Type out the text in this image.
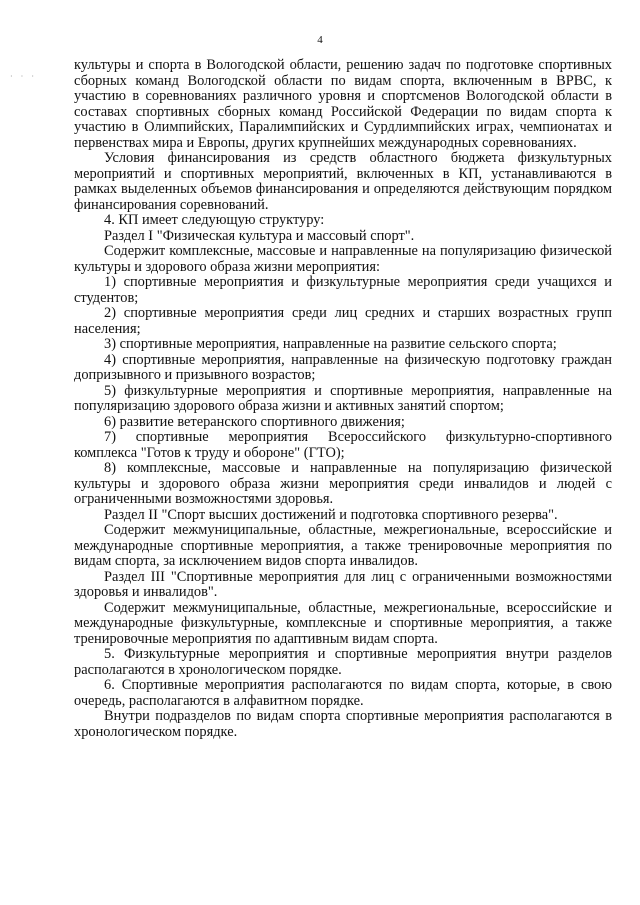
4
· · ·

культуры и спорта в Вологодской области, решению задач по подготовке спортивных сборных команд Вологодской области по видам спорта, включенным в ВРВС, к участию в соревнованиях различного уровня и спортсменов Вологодской области в составах спортивных сборных команд Российской Федерации по видам спорта к участию в Олимпийских, Паралимпийских и Сурдлимпийских играх, чемпионатах и первенствах мира и Европы, других крупнейших международных соревнованиях.

Условия финансирования из средств областного бюджета физкультурных мероприятий и спортивных мероприятий, включенных в КП, устанавливаются в рамках выделенных объемов финансирования и определяются действующим порядком финансирования соревнований.

4. КП имеет следующую структуру:

Раздел I "Физическая культура и массовый спорт".

Содержит комплексные, массовые и направленные на популяризацию физической культуры и здорового образа жизни мероприятия:

1) спортивные мероприятия и физкультурные мероприятия среди учащихся и студентов;

2) спортивные мероприятия среди лиц средних и старших возрастных групп населения;

3) спортивные мероприятия, направленные на развитие сельского спорта;

4) спортивные мероприятия, направленные на физическую подготовку граждан допризывного и призывного возрастов;

5) физкультурные мероприятия и спортивные мероприятия, направленные на популяризацию здорового образа жизни и активных занятий спортом;

6) развитие ветеранского спортивного движения;

7) спортивные мероприятия Всероссийского физкультурно-спортивного комплекса "Готов к труду и обороне" (ГТО);

8) комплексные, массовые и направленные на популяризацию физической культуры и здорового образа жизни мероприятия среди инвалидов и людей с ограниченными возможностями здоровья.

Раздел II "Спорт высших достижений и подготовка спортивного резерва".

Содержит межмуниципальные, областные, межрегиональные, всероссийские и международные спортивные мероприятия, а также тренировочные мероприятия по видам спорта, за исключением видов спорта инвалидов.

Раздел III "Спортивные мероприятия для лиц с ограниченными возможностями здоровья и инвалидов".

Содержит межмуниципальные, областные, межрегиональные, всероссийские и международные физкультурные, комплексные и спортивные мероприятия, а также тренировочные мероприятия по адаптивным видам спорта.

5. Физкультурные мероприятия и спортивные мероприятия внутри разделов располагаются в хронологическом порядке.

6. Спортивные мероприятия располагаются по видам спорта, которые, в свою очередь, располагаются в алфавитном порядке.

Внутри подразделов по видам спорта спортивные мероприятия располагаются в хронологическом порядке.
